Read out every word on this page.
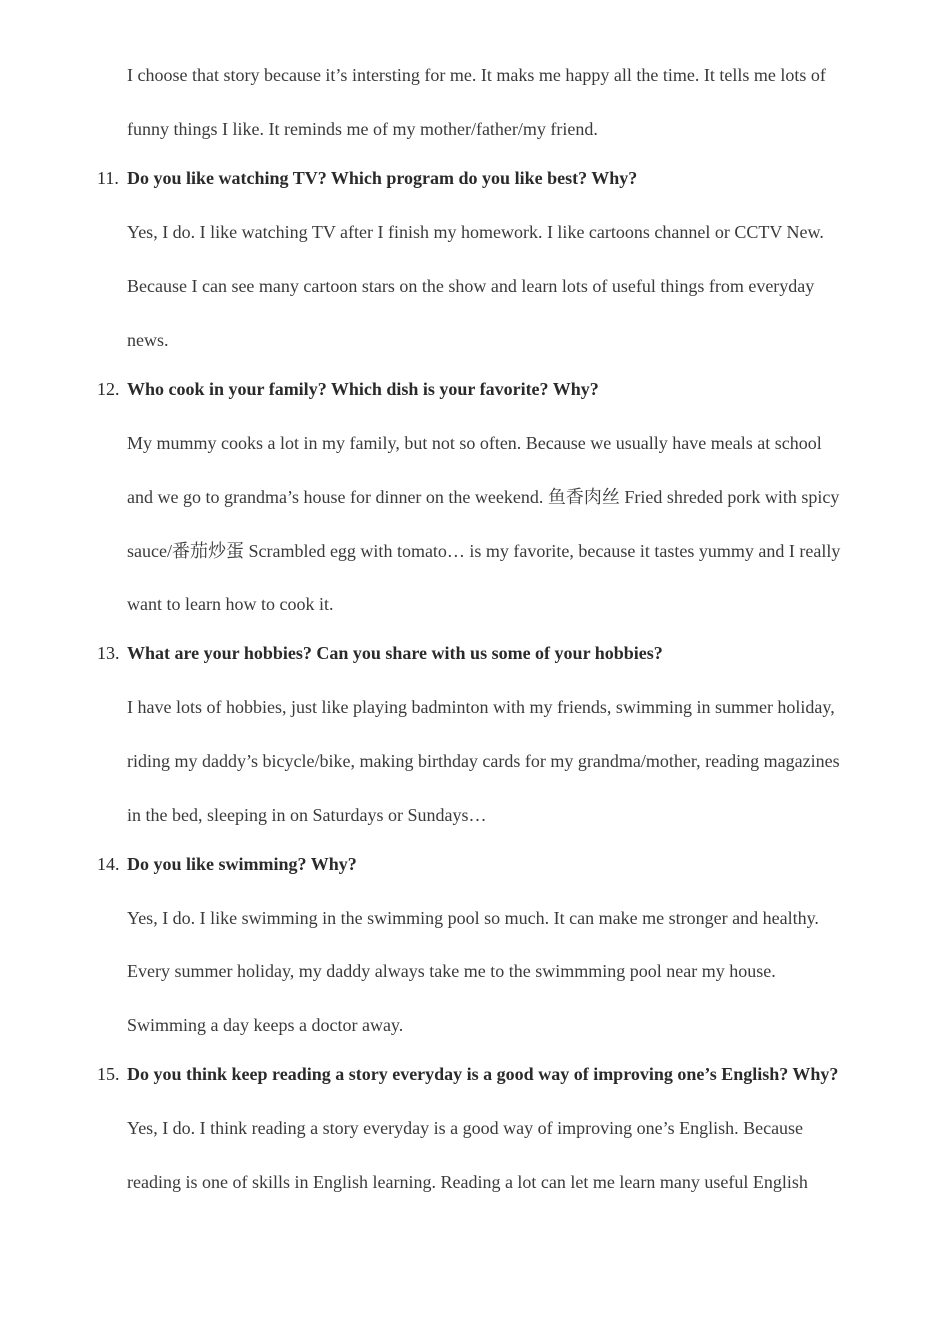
I choose that story because it’s intersting for me. It maks me happy all the time. It tells me lots of
funny things I like. It reminds me of my mother/father/my friend.
11. Do you like watching TV? Which program do you like best? Why?
Yes, I do. I like watching TV after I finish my homework. I like cartoons channel or CCTV New.
Because I can see many cartoon stars on the show and learn lots of useful things from everyday
news.
12. Who cook in your family? Which dish is your favorite? Why?
My mummy cooks a lot in my family, but not so often. Because we usually have meals at school
and we go to grandma’s house for dinner on the weekend. 鱼香肉丝 Fried shreded pork with spicy
sauce/番茄炒蛋 Scrambled egg with tomato… is my favorite, because it tastes yummy and I really
want to learn how to cook it.
13. What are your hobbies? Can you share with us some of your hobbies?
I have lots of hobbies, just like playing badminton with my friends, swimming in summer holiday,
riding my daddy’s bicycle/bike, making birthday cards for my grandma/mother, reading magazines
in the bed, sleeping in on Saturdays or Sundays…
14. Do you like swimming? Why?
Yes, I do. I like swimming in the swimming pool so much. It can make me stronger and healthy.
Every summer holiday, my daddy always take me to the swimmming pool near my house.
Swimming a day keeps a doctor away.
15. Do you think keep reading a story everyday is a good way of improving one’s English? Why?
Yes, I do. I think reading a story everyday is a good way of improving one’s English. Because
reading is one of skills in English learning. Reading a lot can let me learn many useful English
